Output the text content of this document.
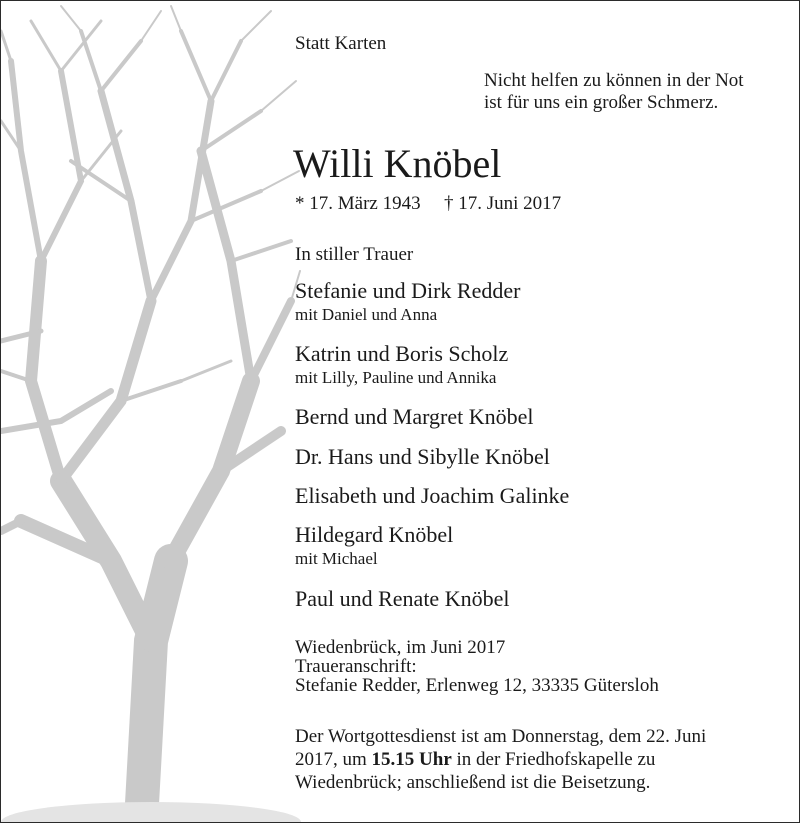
Statt Karten
Nicht helfen zu können in der Not
ist für uns ein großer Schmerz.
Willi Knöbel
* 17. März 1943 † 17. Juni 2017
In stiller Trauer
Stefanie und Dirk Redder
mit Daniel und Anna
Katrin und Boris Scholz
mit Lilly, Pauline und Annika
Bernd und Margret Knöbel
Dr. Hans und Sibylle Knöbel
Elisabeth und Joachim Galinke
Hildegard Knöbel
mit Michael
Paul und Renate Knöbel
Wiedenbrück, im Juni 2017
Traueranschrift:
Stefanie Redder, Erlenweg 12, 33335 Gütersloh
Der Wortgottesdienst ist am Donnerstag, dem 22. Juni 2017, um 15.15 Uhr in der Friedhofskapelle zu Wiedenbrück; anschließend ist die Beisetzung.
